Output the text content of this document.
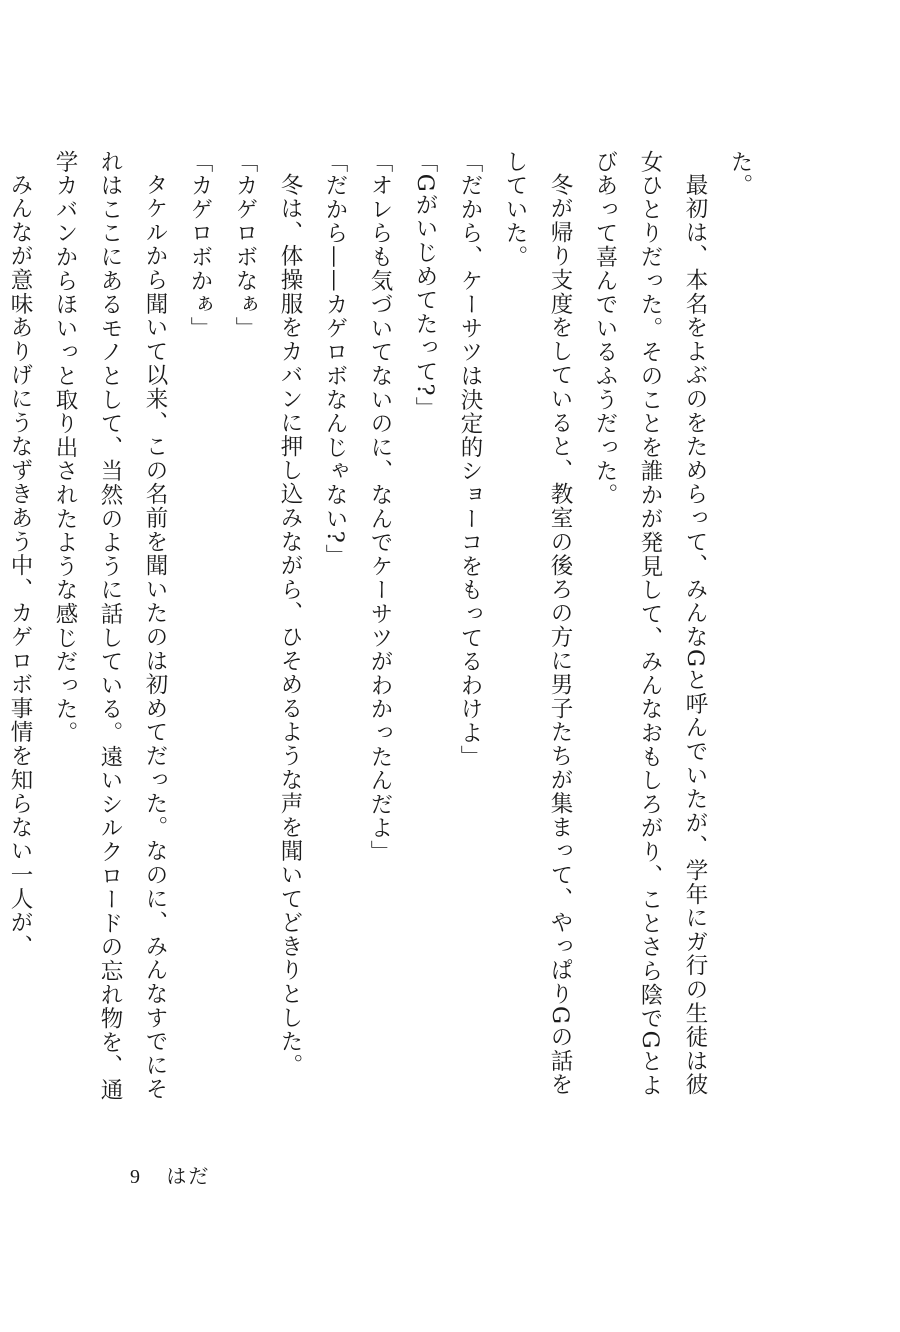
た。
最初は、本名をよぶのをためらって、みんなGと呼んでいたが、学年にガ行の生徒は彼
女ひとりだった。そのことを誰かが発見して、みんなおもしろがり、ことさら陰でGとよ
びあって喜んでいるふうだった。
冬が帰り支度をしていると、教室の後ろの方に男子たちが集まって、やっぱりGの話を
していた。
「だから、ケーサツは決定的ショーコをもってるわけよ」
「Gがいじめてたって?」
「オレらも気づいてないのに、なんでケーサツがわかったんだよ」
「だから——カゲロボなんじゃない?」
冬は、体操服をカバンに押し込みながら、ひそめるような声を聞いてどきりとした。
「カゲロボなぁ」
「カゲロボかぁ」
タケルから聞いて以来、この名前を聞いたのは初めてだった。なのに、みんなすでにそ
れはここにあるモノとして、当然のように話している。遠いシルクロードの忘れ物を、通
学カバンからほいっと取り出されたような感じだった。
みんなが意味ありげにうなずきあう中、カゲロボ事情を知らない一人が、
9 はだ
